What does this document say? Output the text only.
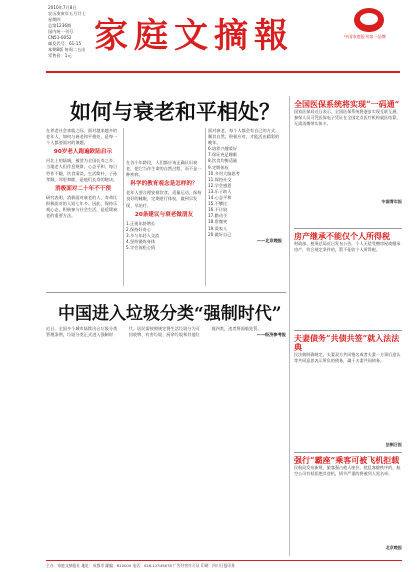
2010年7月8日
农历庚寅年五月廿七
星期四
总第1236期
国内统一刊号
CN51-0052
邮发代号：61-15
本期8版 每周二五出
零售价：1元 家庭文摘報	中国家庭报刊第一品牌
如何与衰老和平相处？
在养老社会来临之际，面对越来越多的老年人，如何与衰老和平相处，是每一个人都要面对的课题。
90岁老人跑遍欧陆启示
河北上的陆城，被誉为全国长寿之乡。当地老人们作息规律，心态平和，每日劳作不辍，饮食清淡，生活简朴，子孙孝顺，邻里和睦，是他们长寿的秘诀。
消极面对二十年不干预
研究表明，消极面对衰老的人，寿命比积极面对的人短七年多。因此，保持乐观心态，积极参与社会生活，是延缓衰老的重要方法。
在各个年龄段，人们都应该正确认识衰老，把它当作生命的自然过程，而不是一种疾病。
科学的教育观念是怎样的？
老年人要合理安排饮食，适量运动，保持良好的睡眠，定期进行体检，做到早发现、早治疗。
20条建议与衰老做朋友
1.正视年龄增长
2.保持好奇心
3.多与年轻人交流
4.坚持锻炼身体
5.学会放松心情
面对衰老，每个人都会有自己的方式。顺其自然，积极应对，才能活出精彩的晚年。
6.培养兴趣爱好
7.保证充足睡眠
8.饮食均衡适量
9.定期体检
10.多用大脑思考
11.保持社交
12.学会感恩
13.乐于助人
14.心态平和
15.不攀比
16.不计较
17.勤动手
18.常微笑
19.爱家人
20.做好自己
——北京晚报
中国进入垃圾分类“强制时代”
近日，全国多个城市陆续出台垃圾分类管理条例，垃圾分类正式进入强制时代。居民需按照规定将生活垃圾分为可回收物、有害垃圾、厨余垃圾和其他垃圾四类，违者将面临处罚。
——经济参考报
全国医保系统将实现“一码通”
国家医保局近日表示，全国医保系统将逐步实现互联互通，参保人员可凭医保电子凭证在全国定点医疗机构就医结算，无需再携带实体卡。
中国青年报
房产继承不能仅个人所得税
财政部、税务总局近日发布公告，个人无偿受赠房屋或继承房产，符合规定条件的，暂不征收个人所得税。
夫妻债务“共债共签”就入法法典
民法典明确规定，夫妻双方共同签名或者夫妻一方事后追认等共同意思表示所负的债务，属于夫妻共同债务。
法制日报
强行“霸座”乘客可被飞机拒载
民航局发布新规，旅客强占他人座位、扰乱客舱秩序的，航空公司有权拒绝其登机，情节严重的将被列入黑名单。
北京晚报
主办：家庭文摘报社 地址：成都市 邮编：610000 电话：028-12345678 广告经营许可证 印刷：四川日报印务
